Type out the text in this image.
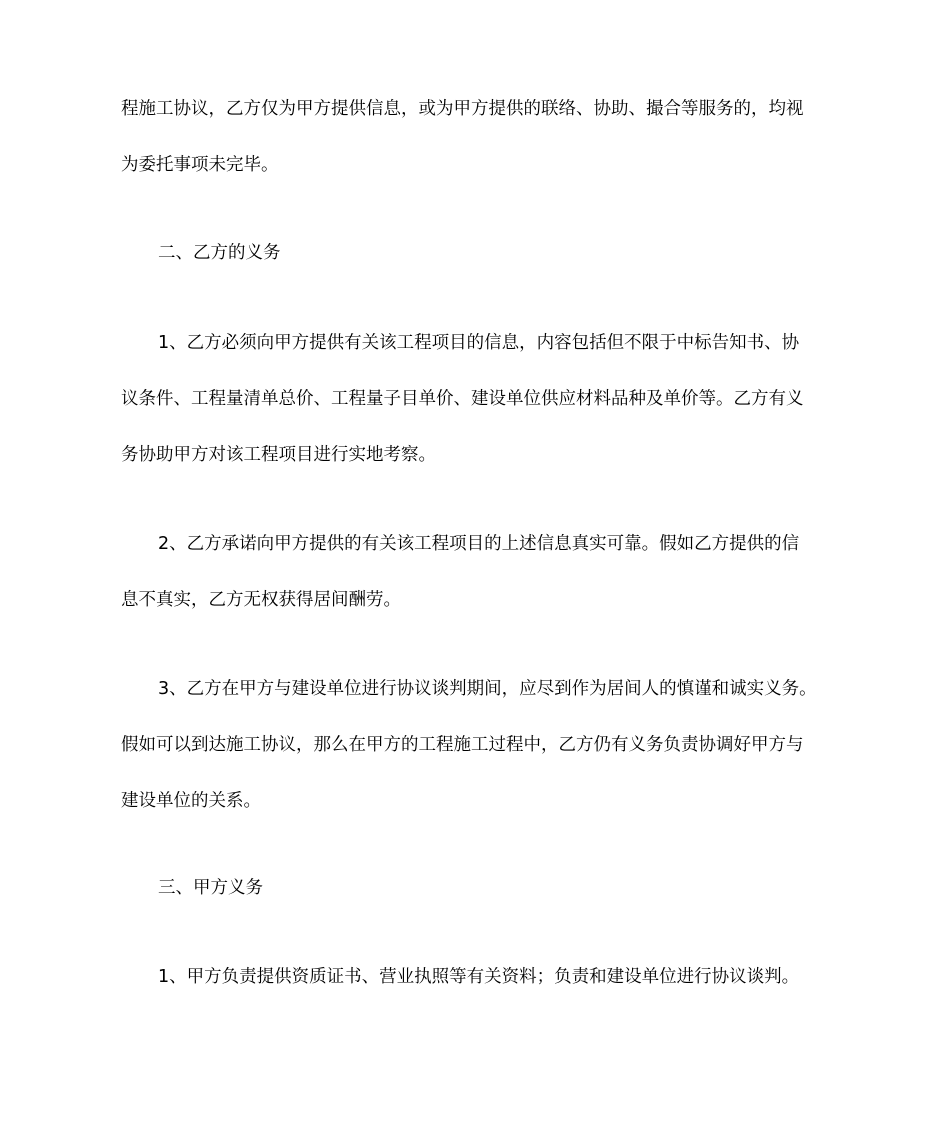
程施工协议，乙方仅为甲方提供信息，或为甲方提供的联络、协助、撮合等服务的，均视
为委托事项未完毕。
二、乙方的义务
1、乙方必须向甲方提供有关该工程项目的信息，内容包括但不限于中标告知书、协
议条件、工程量清单总价、工程量子目单价、建设单位供应材料品种及单价等。乙方有义
务协助甲方对该工程项目进行实地考察。
2、乙方承诺向甲方提供的有关该工程项目的上述信息真实可靠。假如乙方提供的信
息不真实，乙方无权获得居间酬劳。
3、乙方在甲方与建设单位进行协议谈判期间，应尽到作为居间人的慎谨和诚实义务。
假如可以到达施工协议，那么在甲方的工程施工过程中，乙方仍有义务负责协调好甲方与
建设单位的关系。
三、甲方义务
1、甲方负责提供资质证书、营业执照等有关资料；负责和建设单位进行协议谈判。
